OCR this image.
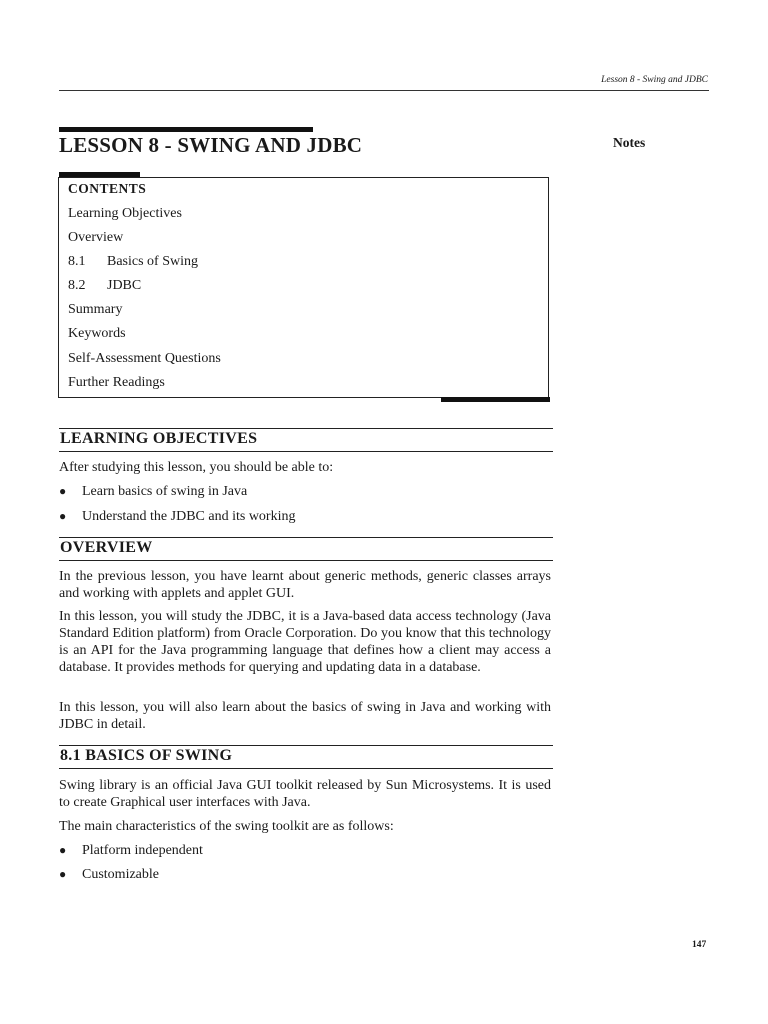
Lesson 8 - Swing and JDBC
LESSON 8 - SWING AND JDBC	Notes
CONTENTS
Learning Objectives
Overview
8.1 Basics of Swing
8.2 JDBC
Summary
Keywords
Self-Assessment Questions
Further Readings
LEARNING OBJECTIVES

After studying this lesson, you should be able to:

● Learn basics of swing in Java
● Understand the JDBC and its working
OVERVIEW

In the previous lesson, you have learnt about generic methods, generic classes arrays and working with applets and applet GUI.

In this lesson, you will study the JDBC, it is a Java-based data access technology (Java Standard Edition platform) from Oracle Corporation. Do you know that this technology is an API for the Java programming language that defines how a client may access a database. It provides methods for querying and updating data in a database.

In this lesson, you will also learn about the basics of swing in Java and working with JDBC in detail.

8.1 BASICS OF SWING

Swing library is an official Java GUI toolkit released by Sun Microsystems. It is used to create Graphical user interfaces with Java.

The main characteristics of the swing toolkit are as follows:

● Platform independent
● Customizable
147
